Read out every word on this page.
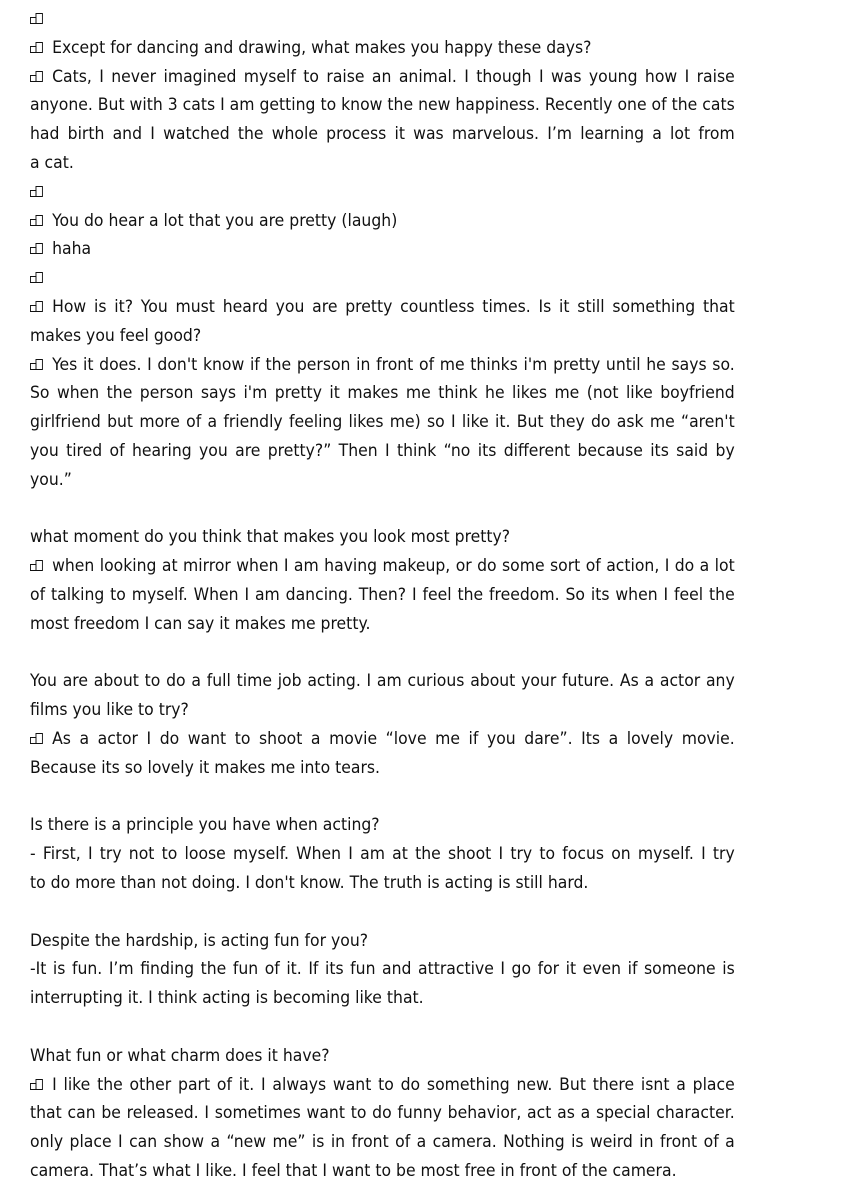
Except for dancing and drawing, what makes you happy these days?
Cats, I never imagined myself to raise an animal. I though I was young how I raise
anyone. But with 3 cats I am getting to know the new happiness. Recently one of the cats
had birth and I watched the whole process it was marvelous. I’m learning a lot from
a cat.
You do hear a lot that you are pretty (laugh)
haha
How is it? You must heard you are pretty countless times. Is it still something that
makes you feel good?
Yes it does. I don't know if the person in front of me thinks i'm pretty until he says so.
So when the person says i'm pretty it makes me think he likes me (not like boyfriend
girlfriend but more of a friendly feeling likes me) so I like it. But they do ask me “aren't
you tired of hearing you are pretty?” Then I think “no its different because its said by
you.”
what moment do you think that makes you look most pretty?
when looking at mirror when I am having makeup, or do some sort of action, I do a lot
of talking to myself. When I am dancing. Then? I feel the freedom. So its when I feel the
most freedom I can say it makes me pretty.
You are about to do a full time job acting. I am curious about your future. As a actor any
films you like to try?
As a actor I do want to shoot a movie “love me if you dare”. Its a lovely movie.
Because its so lovely it makes me into tears.
Is there is a principle you have when acting?
- First, I try not to loose myself. When I am at the shoot I try to focus on myself. I try
to do more than not doing. I don't know. The truth is acting is still hard.
Despite the hardship, is acting fun for you?
-It is fun. I’m finding the fun of it. If its fun and attractive I go for it even if someone is
interrupting it. I think acting is becoming like that.
What fun or what charm does it have?
I like the other part of it. I always want to do something new. But there isnt a place
that can be released. I sometimes want to do funny behavior, act as a special character.
only place I can show a “new me” is in front of a camera. Nothing is weird in front of a
camera. That’s what I like. I feel that I want to be most free in front of the camera.
